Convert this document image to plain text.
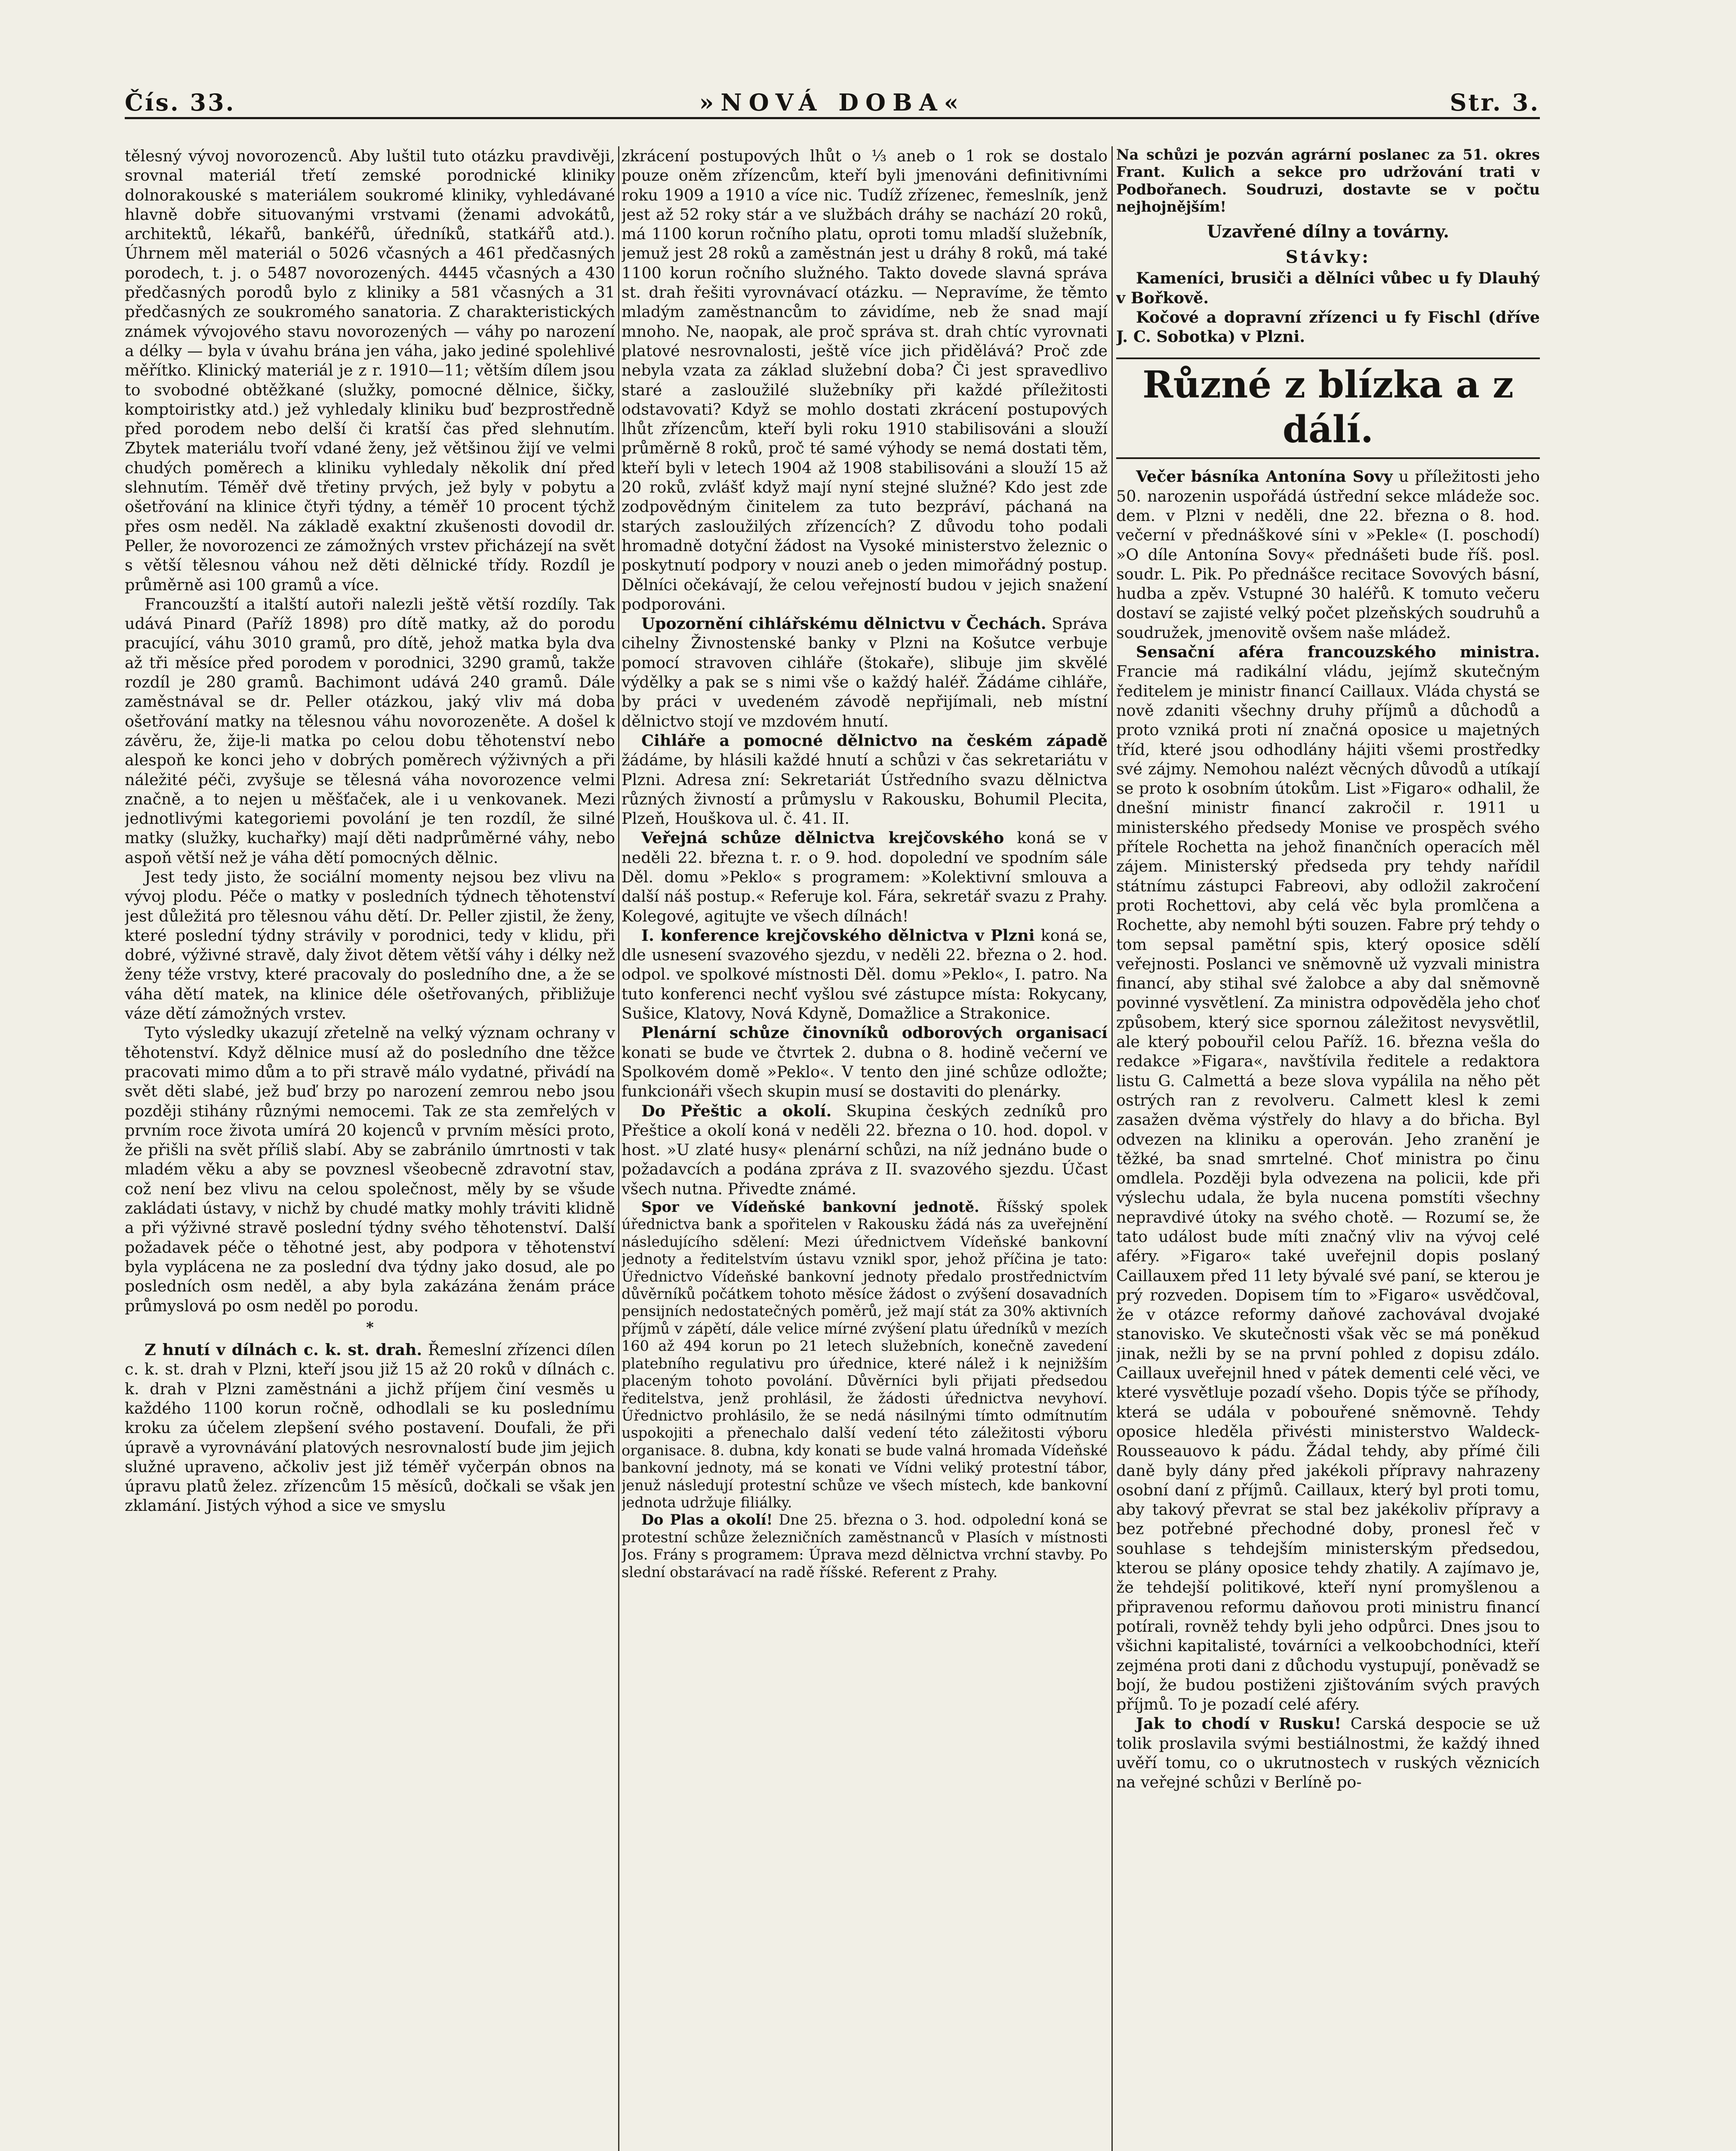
Čís. 33.	»NOVÁ DOBA«	Str. 3.

tělesný vývoj novorozenců. Aby luštil tuto otázku pravdivěji, srovnal materiál třetí zemské porodnické kliniky dolnorakouské s materiálem soukromé kliniky, vyhledávané hlavně dobře situovanými vrstvami (ženami advokátů, architektů, lékařů, bankéřů, úředníků, statkářů atd.). Úhrnem měl materiál o 5026 včasných a 461 předčasných porodech, t. j. o 5487 novorozených. 4445 včasných a 430 předčasných porodů bylo z kliniky a 581 včasných a 31 předčasných ze soukromého sanatoria. Z charakteristických známek vývojového stavu novorozených — váhy po narození a délky — byla v úvahu brána jen váha, jako jediné spolehlivé měřítko. Klinický materiál je z r. 1910—11; větším dílem jsou to svobodné obtěžkané (služky, pomocné dělnice, šičky, komptoiristky atd.) jež vyhledaly kliniku buď bezprostředně před porodem nebo delší či kratší čas před slehnutím. Zbytek materiálu tvoří vdané ženy, jež většinou žijí ve velmi chudých poměrech a kliniku vyhledaly několik dní před slehnutím. Téměř dvě třetiny prvých, jež byly v pobytu a ošetřování na klinice čtyři týdny, a téměř 10 procent týchž přes osm neděl. Na základě exaktní zkušenosti dovodil dr. Peller, že novorozenci ze zámožných vrstev přicházejí na svět s větší tělesnou váhou než děti dělnické třídy. Rozdíl je průměrně asi 100 gramů a více.

Francouzští a italští autoři nalezli ještě větší rozdíly. Tak udává Pinard (Paříž 1898) pro dítě matky, až do porodu pracující, váhu 3010 gramů, pro dítě, jehož matka byla dva až tři měsíce před porodem v porodnici, 3290 gramů, takže rozdíl je 280 gramů. Bachimont udává 240 gramů. Dále zaměstnával se dr. Peller otázkou, jaký vliv má doba ošetřování matky na tělesnou váhu novorozeněte. A došel k závěru, že, žije-li matka po celou dobu těhotenství nebo alespoň ke konci jeho v dobrých poměrech výživných a při náležité péči, zvyšuje se tělesná váha novorozence velmi značně, a to nejen u měšťaček, ale i u venkovanek. Mezi jednotlivými kategoriemi povolání je ten rozdíl, že silné matky (služky, kuchařky) mají děti nadprůměrné váhy, nebo aspoň větší než je váha dětí pomocných dělnic.

Jest tedy jisto, že sociální momenty nejsou bez vlivu na vývoj plodu. Péče o matky v posledních týdnech těhotenství jest důležitá pro tělesnou váhu dětí. Dr. Peller zjistil, že ženy, které poslední týdny strávily v porodnici, tedy v klidu, při dobré, výživné stravě, daly život dětem větší váhy i délky než ženy téže vrstvy, které pracovaly do posledního dne, a že se váha dětí matek, na klinice déle ošetřovaných, přibližuje váze dětí zámožných vrstev.

Tyto výsledky ukazují zřetelně na velký význam ochrany v těhotenství. Když dělnice musí až do posledního dne těžce pracovati mimo dům a to při stravě málo vydatné, přivádí na svět děti slabé, jež buď brzy po narození zemrou nebo jsou později stihány různými nemocemi. Tak ze sta zemřelých v prvním roce života umírá 20 kojenců v prvním měsíci proto, že přišli na svět příliš slabí. Aby se zabránilo úmrtnosti v tak mladém věku a aby se povznesl všeobecně zdravotní stav, což není bez vlivu na celou společnost, měly by se všude zakládati ústavy, v nichž by chudé matky mohly tráviti klidně a při výživné stravě poslední týdny svého těhotenství. Další požadavek péče o těhotné jest, aby podpora v těhotenství byla vyplácena ne za poslední dva týdny jako dosud, ale po posledních osm neděl, a aby byla zakázána ženám práce průmyslová po osm neděl po porodu.

*

Z hnutí v dílnách c. k. st. drah. Řemeslní zřízenci dílen c. k. st. drah v Plzni, kteří jsou již 15 až 20 roků v dílnách c. k. drah v Plzni zaměstnáni a jichž příjem činí vesměs u každého 1100 korun ročně, odhodlali se ku poslednímu kroku za účelem zlepšení svého postavení. Doufali, že při úpravě a vyrovnávání platových nesrovnalostí bude jim jejich služné upraveno, ačkoliv jest již téměř vyčerpán obnos na úpravu platů želez. zřízencům 15 měsíců, dočkali se však jen zklamání. Jistých výhod a sice ve smyslu

zkrácení postupových lhůt o ⅓ aneb o 1 rok se dostalo pouze oněm zřízencům, kteří byli jmenováni definitivními roku 1909 a 1910 a více nic. Tudíž zřízenec, řemeslník, jenž jest až 52 roky stár a ve službách dráhy se nachází 20 roků, má 1100 korun ročního platu, oproti tomu mladší služebník, jemuž jest 28 roků a zaměstnán jest u dráhy 8 roků, má také 1100 korun ročního služného. Takto dovede slavná správa st. drah řešiti vyrovnávací otázku. — Nepravíme, že těmto mladým zaměstnancům to závidíme, neb že snad mají mnoho. Ne, naopak, ale proč správa st. drah chtíc vyrovnati platové nesrovnalosti, ještě více jich přidělává? Proč zde nebyla vzata za základ služební doba? Či jest spravedlivo staré a zasloužilé služebníky při každé příležitosti odstavovati? Když se mohlo dostati zkrácení postupových lhůt zřízencům, kteří byli roku 1910 stabilisováni a slouží průměrně 8 roků, proč té samé výhody se nemá dostati těm, kteří byli v letech 1904 až 1908 stabilisováni a slouží 15 až 20 roků, zvlášť když mají nyní stejné služné? Kdo jest zde zodpovědným činitelem za tuto bezpráví, páchaná na starých zasloužilých zřízencích? Z důvodu toho podali hromadně dotyční žádost na Vysoké ministerstvo železnic o poskytnutí podpory v nouzi aneb o jeden mimořádný postup. Dělníci očekávají, že celou veřejností budou v jejich snažení podporováni.

Upozornění cihlářskému dělnictvu v Čechách. Správa cihelny Živnostenské banky v Plzni na Košutce verbuje pomocí stravoven cihláře (štokaře), slibuje jim skvělé výdělky a pak se s nimi vše o každý haléř. Žádáme cihláře, by práci v uvedeném závodě nepřijímali, neb místní dělnictvo stojí ve mzdovém hnutí.

Cihláře a pomocné dělnictvo na českém západě žádáme, by hlásili každé hnutí a schůzi v čas sekretariátu v Plzni. Adresa zní: Sekretariát Ústředního svazu dělnictva různých živností a průmyslu v Rakousku, Bohumil Plecita, Plzeň, Houškova ul. č. 41. II.

Veřejná schůze dělnictva krejčovského koná se v neděli 22. března t. r. o 9. hod. dopolední ve spodním sále Děl. domu »Peklo« s programem: »Kolektivní smlouva a další náš postup.« Referuje kol. Fára, sekretář svazu z Prahy. Kolegové, agitujte ve všech dílnách!

I. konference krejčovského dělnictva v Plzni koná se, dle usnesení svazového sjezdu, v neděli 22. března o 2. hod. odpol. ve spolkové místnosti Děl. domu »Peklo«, I. patro. Na tuto konferenci nechť vyšlou své zástupce místa: Rokycany, Sušice, Klatovy, Nová Kdyně, Domažlice a Strakonice.

Plenární schůze činovníků odborových organisací konati se bude ve čtvrtek 2. dubna o 8. hodině večerní ve Spolkovém domě »Peklo«. V tento den jiné schůze odložte; funkcionáři všech skupin musí se dostaviti do plenárky.

Do Přeštic a okolí. Skupina českých zedníků pro Přeštice a okolí koná v neděli 22. března o 10. hod. dopol. v host. »U zlaté husy« plenární schůzi, na níž jednáno bude o požadavcích a podána zpráva z II. svazového sjezdu. Účast všech nutna. Přivedte známé.

Spor ve Vídeňské bankovní jednotě. Říšský spolek úřednictva bank a spořitelen v Rakousku žádá nás za uveřejnění následujícího sdělení: Mezi úřednictvem Vídeňské bankovní jednoty a ředitelstvím ústavu vznikl spor, jehož příčina je tato: Úřednictvo Vídeňské bankovní jednoty předalo prostřednictvím důvěrníků počátkem tohoto měsíce žádost o zvýšení dosavadních pensijních nedostatečných poměrů, jež mají stát za 30% aktivních příjmů v zápětí, dále velice mírné zvýšení platu úředníků v mezích 160 až 494 korun po 21 letech služebních, konečně zavedení platebního regulativu pro úřednice, které nálež i k nejnižším placeným tohoto povolání. Důvěrníci byli přijati předsedou ředitelstva, jenž prohlásil, že žádosti úřednictva nevyhoví. Úřednictvo prohlásilo, že se nedá násilnými tímto odmítnutím uspokojiti a přenechalo další vedení této záležitosti výboru organisace. 8. dubna, kdy konati se bude valná hromada Vídeňské bankovní jednoty, má se konati ve Vídni veliký protestní tábor, jenuž následují protestní schůze ve všech místech, kde bankovní jednota udržuje filiálky.

Do Plas a okolí! Dne 25. března o 3. hod. odpolední koná se protestní schůze železničních zaměstnanců v Plasích v místnosti Jos. Frány s programem: Úprava mezd dělnictva vrchní stavby. Po slední obstarávací na radě říšské. Referent z Prahy.

Na schůzi je pozván agrární poslanec za 51. okres Frant. Kulich a sekce pro udržování trati v Podbořanech. Soudruzi, dostavte se v počtu nejhojnějším!

Uzavřené dílny a továrny.
Stávky:

Kameníci, brusiči a dělníci vůbec u fy Dlauhý v Bořkově.

Kočové a dopravní zřízenci u fy Fischl (dříve J. C. Sobotka) v Plzni.

Různé z blízka a z dálí.

Večer básníka Antonína Sovy u příležitosti jeho 50. narozenin uspořádá ústřední sekce mládeže soc. dem. v Plzni v neděli, dne 22. března o 8. hod. večerní v přednáškové síni v »Pekle« (I. poschodí) »O díle Antonína Sovy« přednášeti bude říš. posl. soudr. L. Pik. Po přednášce recitace Sovových básní, hudba a zpěv. Vstupné 30 haléřů. K tomuto večeru dostaví se zajisté velký počet plzeňských soudruhů a soudružek, jmenovitě ovšem naše mládež.

Sensační aféra francouzského ministra. Francie má radikální vládu, jejímž skutečným ředitelem je ministr financí Caillaux. Vláda chystá se nově zdaniti všechny druhy příjmů a důchodů a proto vzniká proti ní značná oposice u majetných tříd, které jsou odhodlány hájiti všemi prostředky své zájmy. Nemohou nalézt věcných důvodů a utíkají se proto k osobním útokům. List »Figaro« odhalil, že dnešní ministr financí zakročil r. 1911 u ministerského předsedy Monise ve prospěch svého přítele Rochetta na jehož finančních operacích měl zájem. Ministerský předseda pry tehdy nařídil státnímu zástupci Fabreovi, aby odložil zakročení proti Rochettovi, aby celá věc byla promlčena a Rochette, aby nemohl býti souzen. Fabre prý tehdy o tom sepsal pamětní spis, který oposice sdělí veřejnosti. Poslanci ve sněmovně už vyzvali ministra financí, aby stihal své žalobce a aby dal sněmovně povinné vysvětlení. Za ministra odpověděla jeho choť způsobem, který sice spornou záležitost nevysvětlil, ale který pobouřil celou Paříž. 16. března vešla do redakce »Figara«, navštívila ředitele a redaktora listu G. Calmettá a beze slova vypálila na něho pět ostrých ran z revolveru. Calmett klesl k zemi zasažen dvěma výstřely do hlavy a do břicha. Byl odvezen na kliniku a operován. Jeho zranění je těžké, ba snad smrtelné. Choť ministra po činu omdlela. Později byla odvezena na policii, kde při výslechu udala, že byla nucena pomstíti všechny nepravdivé útoky na svého chotě. — Rozumí se, že tato událost bude míti značný vliv na vývoj celé aféry. »Figaro« také uveřejnil dopis poslaný Caillauxem před 11 lety bývalé své paní, se kterou je prý rozveden. Dopisem tím to »Figaro« usvědčoval, že v otázce reformy daňové zachovával dvojaké stanovisko. Ve skutečnosti však věc se má poněkud jinak, nežli by se na první pohled z dopisu zdálo. Caillaux uveřejnil hned v pátek dementi celé věci, ve které vysvětluje pozadí všeho. Dopis týče se příhody, která se udála v pobouřené sněmovně. Tehdy oposice hleděla přivésti ministerstvo Waldeck-Rousseauovo k pádu. Žádal tehdy, aby přímé čili daně byly dány před jakékoli přípravy nahrazeny osobní daní z příjmů. Caillaux, který byl proti tomu, aby takový převrat se stal bez jakékoliv přípravy a bez potřebné přechodné doby, pronesl řeč v souhlase s tehdejším ministerským předsedou, kterou se plány oposice tehdy zhatily. A zajímavo je, že tehdejší politikové, kteří nyní promyšlenou a připravenou reformu daňovou proti ministru financí potírali, rovněž tehdy byli jeho odpůrci. Dnes jsou to všichni kapitalisté, továrníci a velkoobchodníci, kteří zejména proti dani z důchodu vystupují, poněvadž se bojí, že budou postiženi zjištováním svých pravých příjmů. To je pozadí celé aféry.

Jak to chodí v Rusku! Carská despocie se už tolik proslavila svými bestiálnostmi, že každý ihned uvěří tomu, co o ukrutnostech v ruských věznicích na veřejné schůzi v Berlíně po-
